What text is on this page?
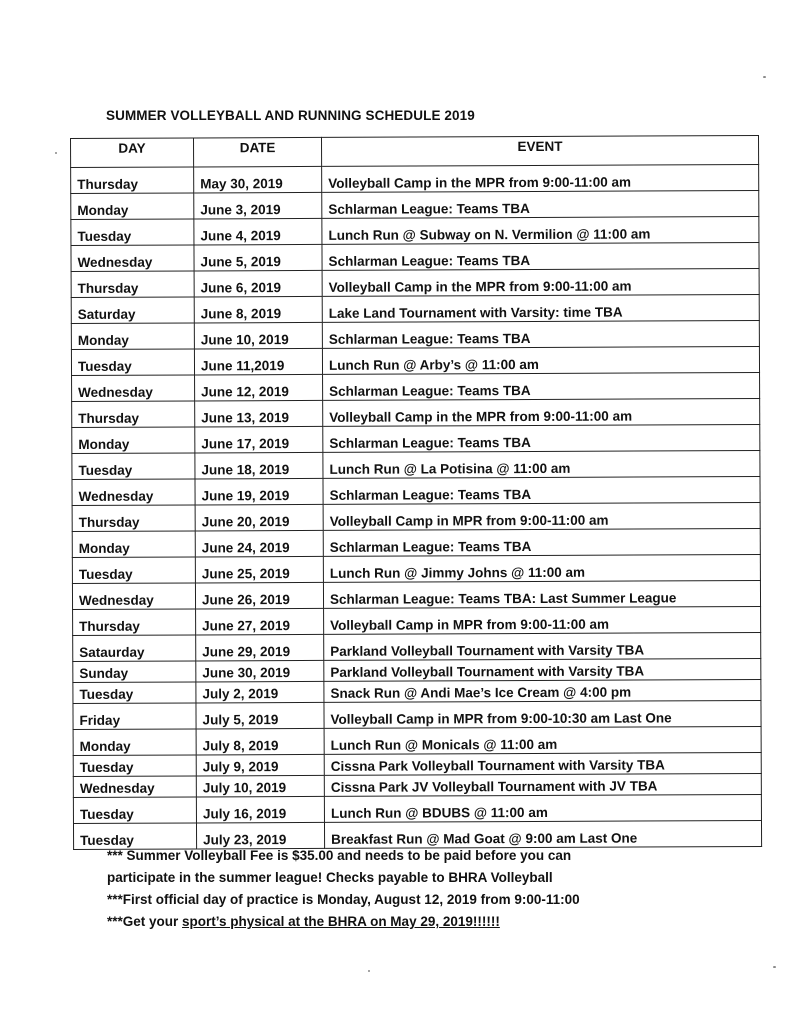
SUMMER VOLLEYBALL AND RUNNING SCHEDULE 2019
DAY	DATE	EVENT
Thursday	May 30, 2019	Volleyball Camp in the MPR from 9:00-11:00 am
Monday	June 3, 2019	Schlarman League: Teams TBA
Tuesday	June 4, 2019	Lunch Run @ Subway on N. Vermilion @ 11:00 am
Wednesday	June 5, 2019	Schlarman League: Teams TBA
Thursday	June 6, 2019	Volleyball Camp in the MPR from 9:00-11:00 am
Saturday	June 8, 2019	Lake Land Tournament with Varsity: time TBA
Monday	June 10, 2019	Schlarman League: Teams TBA
Tuesday	June 11,2019	Lunch Run @ Arby’s @ 11:00 am
Wednesday	June 12, 2019	Schlarman League: Teams TBA
Thursday	June 13, 2019	Volleyball Camp in the MPR from 9:00-11:00 am
Monday	June 17, 2019	Schlarman League: Teams TBA
Tuesday	June 18, 2019	Lunch Run @ La Potisina @ 11:00 am
Wednesday	June 19, 2019	Schlarman League: Teams TBA
Thursday	June 20, 2019	Volleyball Camp in MPR from 9:00-11:00 am
Monday	June 24, 2019	Schlarman League: Teams TBA
Tuesday	June 25, 2019	Lunch Run @ Jimmy Johns @ 11:00 am
Wednesday	June 26, 2019	Schlarman League: Teams TBA: Last Summer League
Thursday	June 27, 2019	Volleyball Camp in MPR from 9:00-11:00 am
Sataurday	June 29, 2019	Parkland Volleyball Tournament with Varsity TBA
Sunday	June 30, 2019	Parkland Volleyball Tournament with Varsity TBA
Tuesday	July 2, 2019	Snack Run @ Andi Mae’s Ice Cream @ 4:00 pm
Friday	July 5, 2019	Volleyball Camp in MPR from 9:00-10:30 am Last One
Monday	July 8, 2019	Lunch Run @ Monicals @ 11:00 am
Tuesday	July 9, 2019	Cissna Park Volleyball Tournament with Varsity TBA
Wednesday	July 10, 2019	Cissna Park JV Volleyball Tournament with JV TBA
Tuesday	July 16, 2019	Lunch Run @ BDUBS @ 11:00 am
Tuesday	July 23, 2019	Breakfast Run @ Mad Goat @ 9:00 am Last One
*** Summer Volleyball Fee is $35.00 and needs to be paid before you can
participate in the summer league! Checks payable to BHRA Volleyball
***First official day of practice is Monday, August 12, 2019 from 9:00-11:00
***Get your sport’s physical at the BHRA on May 29, 2019!!!!!!
